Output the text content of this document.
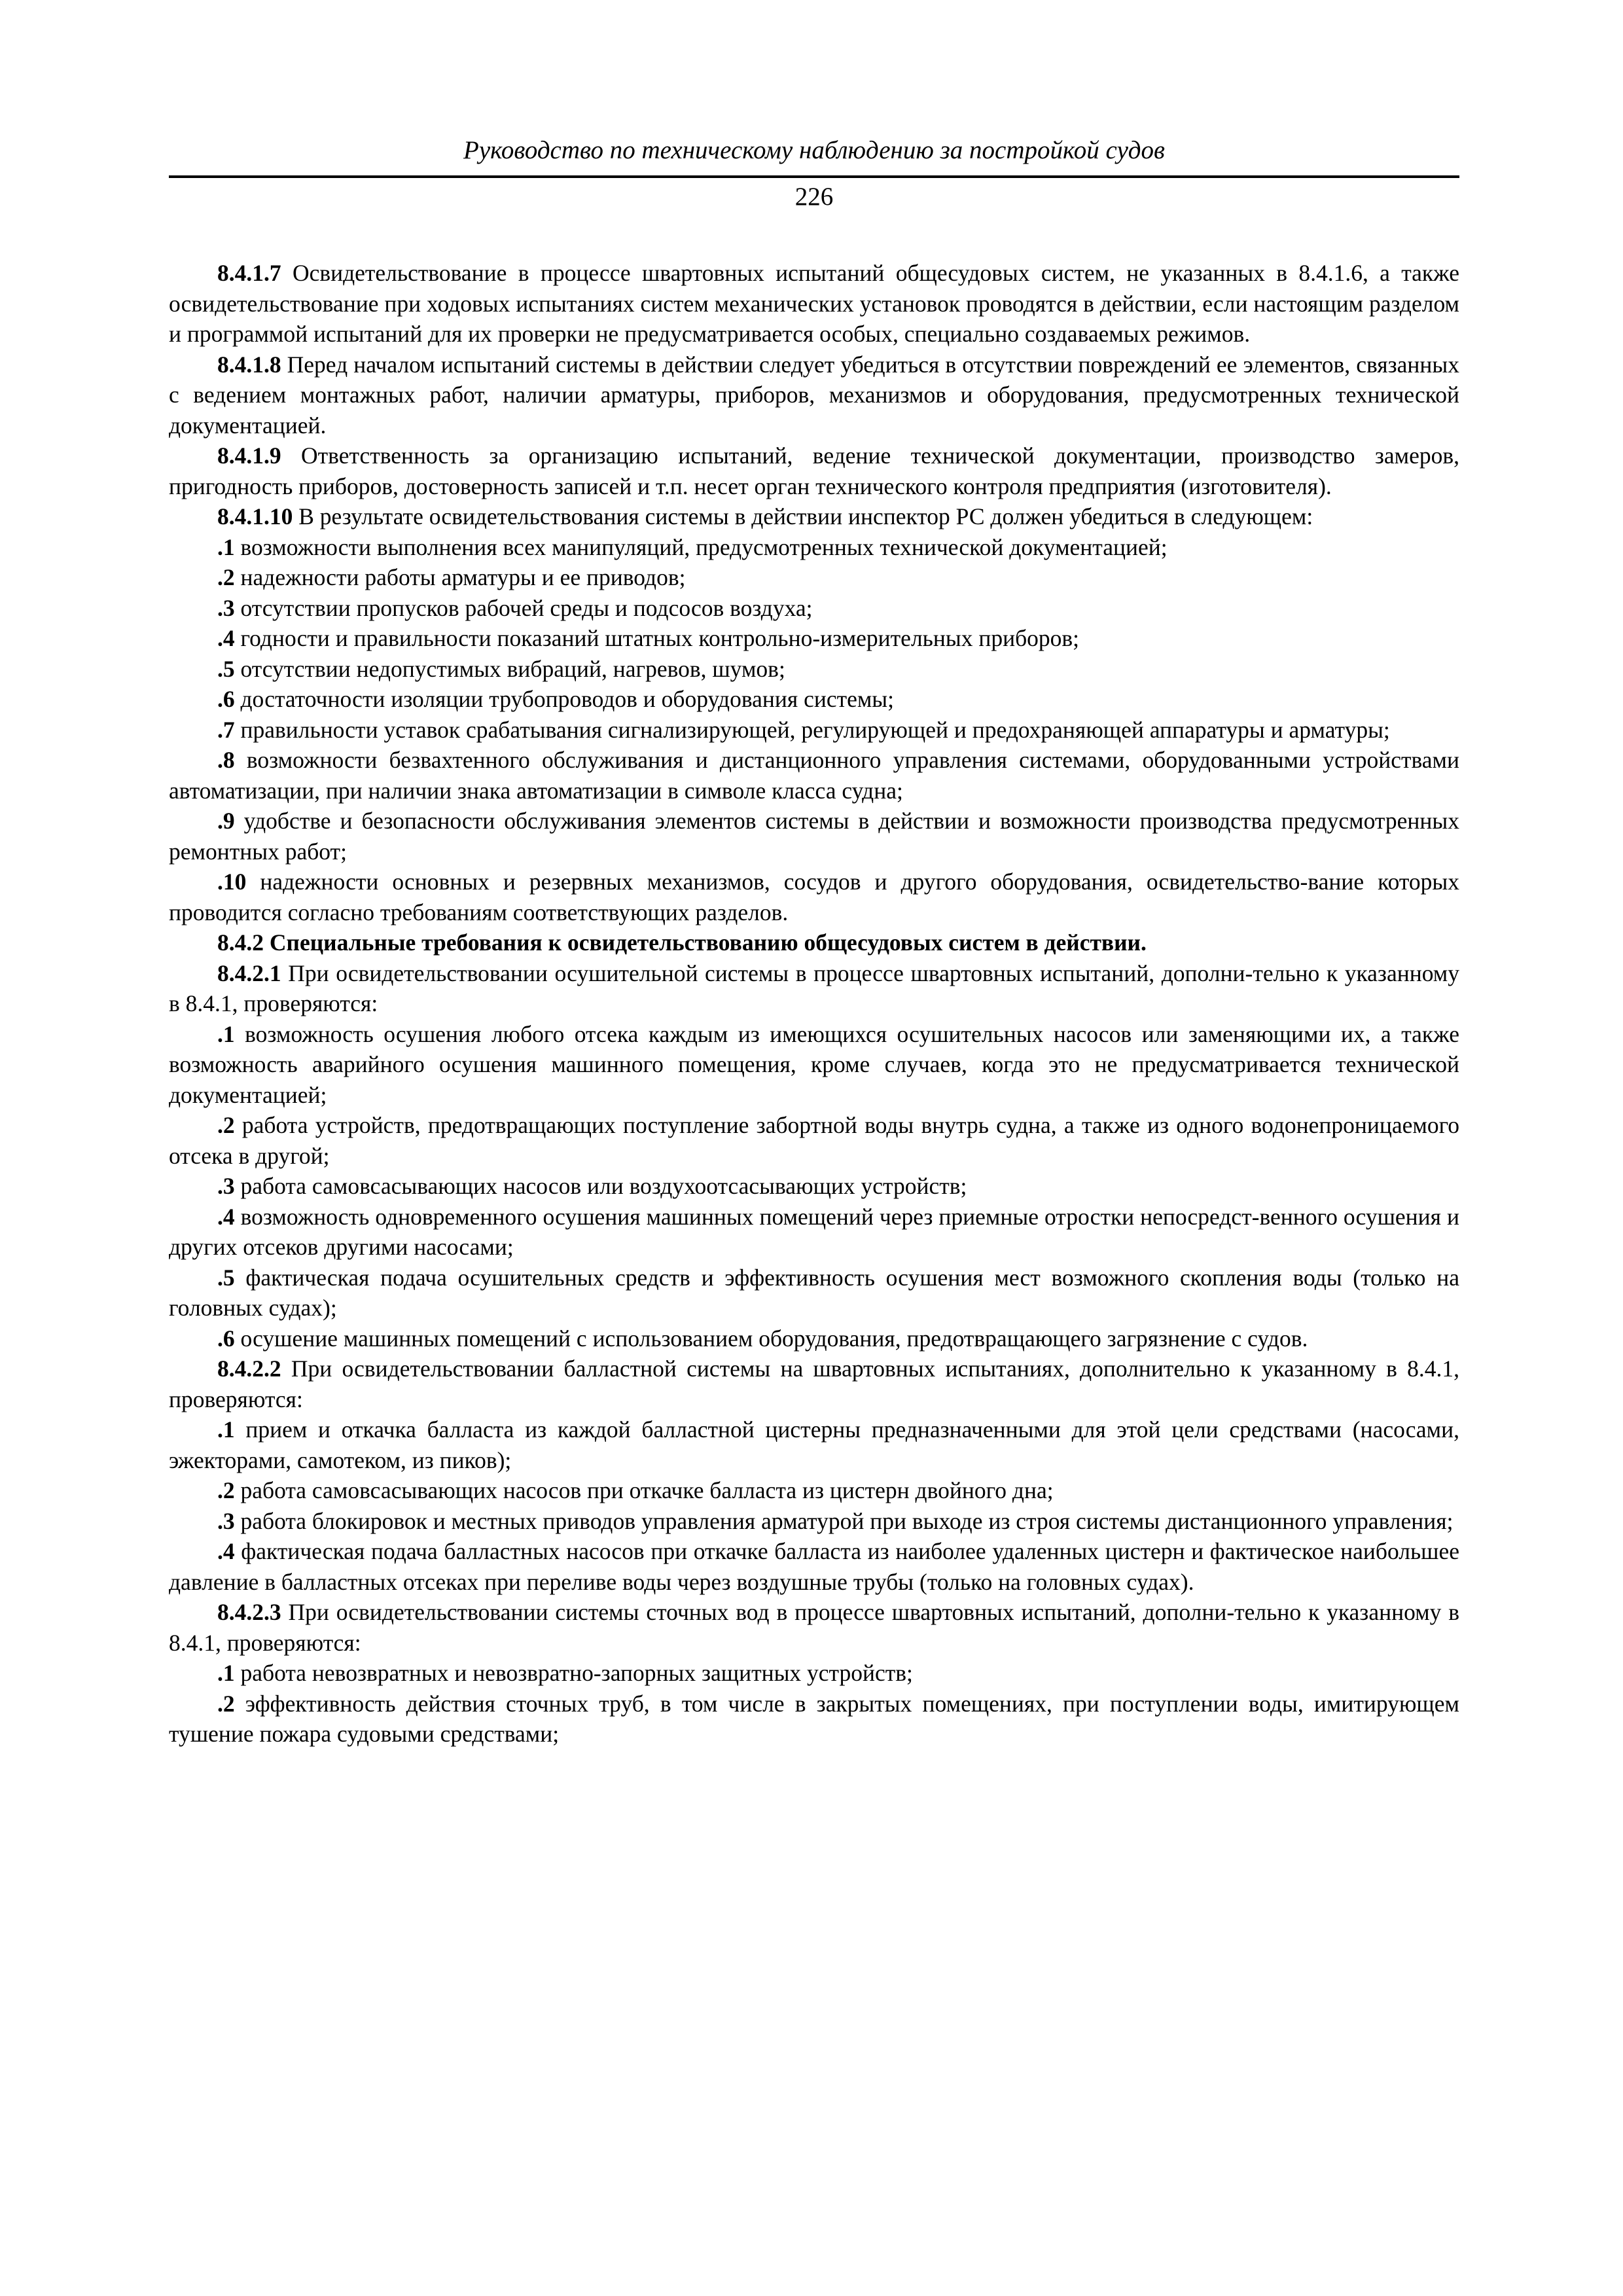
Руководство по техническому наблюдению за постройкой судов
226

8.4.1.7 Освидетельствование в процессе швартовных испытаний общесудовых систем, не указанных в 8.4.1.6, а также освидетельствование при ходовых испытаниях систем механических установок проводятся в действии, если настоящим разделом и программой испытаний для их проверки не предусматривается особых, специально создаваемых режимов.

8.4.1.8 Перед началом испытаний системы в действии следует убедиться в отсутствии повреждений ее элементов, связанных с ведением монтажных работ, наличии арматуры, приборов, механизмов и оборудования, предусмотренных технической документацией.

8.4.1.9 Ответственность за организацию испытаний, ведение технической документации, производство замеров, пригодность приборов, достоверность записей и т.п. несет орган технического контроля предприятия (изготовителя).

8.4.1.10 В результате освидетельствования системы в действии инспектор РС должен убедиться в следующем:

.1 возможности выполнения всех манипуляций, предусмотренных технической документацией;

.2 надежности работы арматуры и ее приводов;

.3 отсутствии пропусков рабочей среды и подсосов воздуха;

.4 годности и правильности показаний штатных контрольно-измерительных приборов;

.5 отсутствии недопустимых вибраций, нагревов, шумов;

.6 достаточности изоляции трубопроводов и оборудования системы;

.7 правильности уставок срабатывания сигнализирующей, регулирующей и предохраняющей аппаратуры и арматуры;

.8 возможности безвахтенного обслуживания и дистанционного управления системами, оборудованными устройствами автоматизации, при наличии знака автоматизации в символе класса судна;

.9 удобстве и безопасности обслуживания элементов системы в действии и возможности производства предусмотренных ремонтных работ;

.10 надежности основных и резервных механизмов, сосудов и другого оборудования, освидетельство-вание которых проводится согласно требованиям соответствующих разделов.

8.4.2 Специальные требования к освидетельствованию общесудовых систем в действии.

8.4.2.1 При освидетельствовании осушительной системы в процессе швартовных испытаний, дополни-тельно к указанному в 8.4.1, проверяются:

.1 возможность осушения любого отсека каждым из имеющихся осушительных насосов или заменяющими их, а также возможность аварийного осушения машинного помещения, кроме случаев, когда это не предусматривается технической документацией;

.2 работа устройств, предотвращающих поступление забортной воды внутрь судна, а также из одного водонепроницаемого отсека в другой;

.3 работа самовсасывающих насосов или воздухоотсасывающих устройств;

.4 возможность одновременного осушения машинных помещений через приемные отростки непосредст-венного осушения и других отсеков другими насосами;

.5 фактическая подача осушительных средств и эффективность осушения мест возможного скопления воды (только на головных судах);

.6 осушение машинных помещений с использованием оборудования, предотвращающего загрязнение с судов.

8.4.2.2 При освидетельствовании балластной системы на швартовных испытаниях, дополнительно к указанному в 8.4.1, проверяются:

.1 прием и откачка балласта из каждой балластной цистерны предназначенными для этой цели средствами (насосами, эжекторами, самотеком, из пиков);

.2 работа самовсасывающих насосов при откачке балласта из цистерн двойного дна;

.3 работа блокировок и местных приводов управления арматурой при выходе из строя системы дистанционного управления;

.4 фактическая подача балластных насосов при откачке балласта из наиболее удаленных цистерн и фактическое наибольшее давление в балластных отсеках при переливе воды через воздушные трубы (только на головных судах).

8.4.2.3 При освидетельствовании системы сточных вод в процессе швартовных испытаний, дополни-тельно к указанному в 8.4.1, проверяются:

.1 работа невозвратных и невозвратно-запорных защитных устройств;

.2 эффективность действия сточных труб, в том числе в закрытых помещениях, при поступлении воды, имитирующем тушение пожара судовыми средствами;
